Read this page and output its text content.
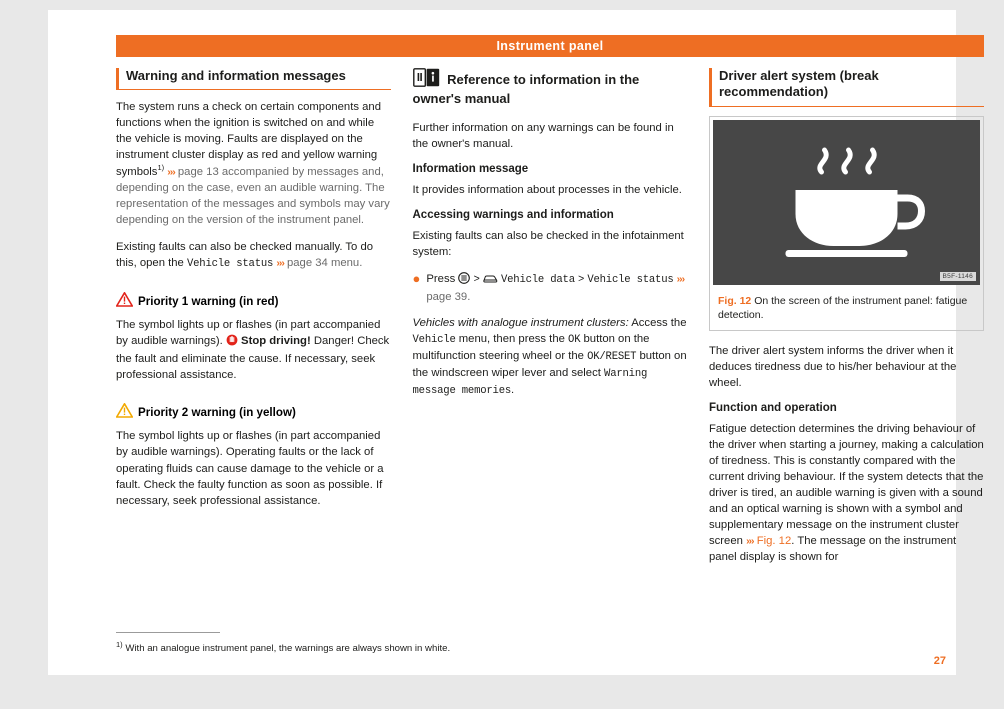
Instrument panel
Warning and information messages

The system runs a check on certain components and functions when the ignition is switched on and while the vehicle is moving. Faults are displayed on the instrument cluster display as red and yellow warning symbols$^{1)}$ ››› page 13 accompanied by messages and, depending on the case, even an audible warning. The representation of the messages and symbols may vary depending on the version of the instrument panel.

Existing faults can also be checked manually. To do this, open the Vehicle status ››› page 34 menu.

Priority 1 warning (in red)

The symbol lights up or flashes (in part accompanied by audible warnings). Stop driving! Danger! Check the fault and eliminate the cause. If necessary, seek professional assistance.

Priority 2 warning (in yellow)

The symbol lights up or flashes (in part accompanied by audible warnings). Operating faults or the lack of operating fluids can cause damage to the vehicle or a fault. Check the faulty function as soon as possible. If necessary, seek professional assistance.

Reference to information in the owner's manual

Further information on any warnings can be found in the owner's manual.

Information message

It provides information about processes in the vehicle.

Accessing warnings and information

Existing faults can also be checked in the infotainment system:

● Press > Vehicle data > Vehicle status ››› page 39.

Vehicles with analogue instrument clusters: Access the Vehicle menu, then press the OK button on the multifunction steering wheel or the OK/RESET button on the windscreen wiper lever and select Warning message memories.

Driver alert system (break recommendation)
B5F-1146
Fig. 12 On the screen of the instrument panel: fatigue detection.

The driver alert system informs the driver when it deduces tiredness due to his/her behaviour at the wheel.

Function and operation

Fatigue detection determines the driving behaviour of the driver when starting a journey, making a calculation of tiredness. This is constantly compared with the current driving behaviour. If the system detects that the driver is tired, an audible warning is given with a sound and an optical warning is shown with a symbol and supplementary message on the instrument cluster screen ››› Fig. 12. The message on the instrument panel display is shown for

$^{1)}$ With an analogue instrument panel, the warnings are always shown in white.
27
